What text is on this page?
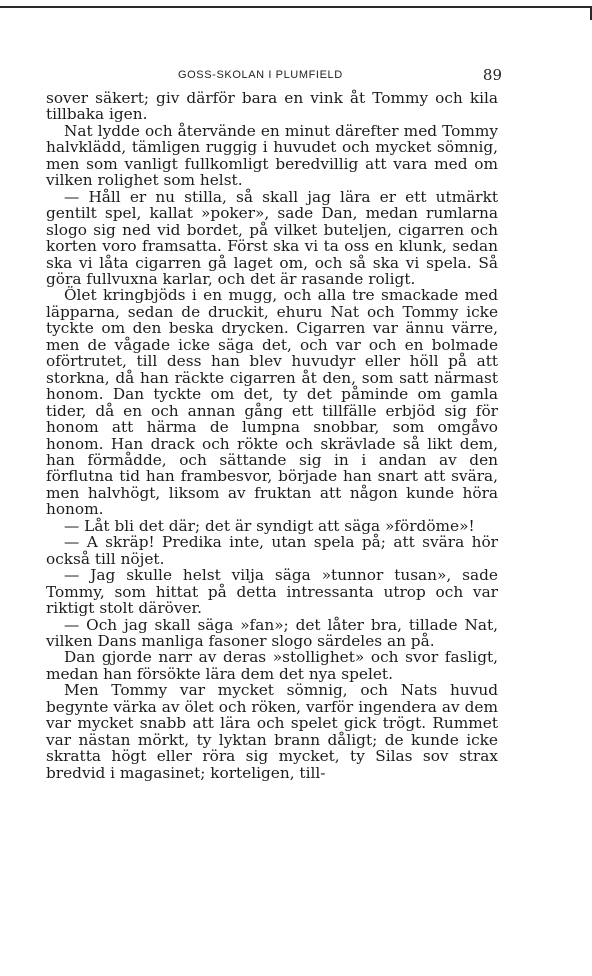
GOSS-SKOLAN I PLUMFIELD	89

sover säkert; giv därför bara en vink åt Tommy och kila tillbaka igen.

Nat lydde och återvände en minut därefter med Tommy halvklädd, tämligen ruggig i huvudet och mycket sömnig, men som vanligt fullkomligt beredvillig att vara med om vilken rolighet som helst.

— Håll er nu stilla, så skall jag lära er ett utmärkt gentilt spel, kallat »poker», sade Dan, medan rumlarna slogo sig ned vid bordet, på vilket buteljen, cigarren och korten voro framsatta. Först ska vi ta oss en klunk, sedan ska vi låta cigarren gå laget om, och så ska vi spela. Så göra fullvuxna karlar, och det är rasande roligt.

Ölet kringbjöds i en mugg, och alla tre smackade med läpparna, sedan de druckit, ehuru Nat och Tommy icke tyckte om den beska drycken. Cigarren var ännu värre, men de vågade icke säga det, och var och en bolmade oförtrutet, till dess han blev huvudyr eller höll på att storkna, då han räckte cigarren åt den, som satt närmast honom. Dan tyckte om det, ty det påminde om gamla tider, då en och annan gång ett tillfälle erbjöd sig för honom att härma de lumpna snobbar, som omgåvo honom. Han drack och rökte och skrävlade så likt dem, han förmådde, och sättande sig in i andan av den förflutna tid han frambesvor, började han snart att svära, men halvhögt, liksom av fruktan att någon kunde höra honom.

— Låt bli det där; det är syndigt att säga »fördöme»!

— A skräp! Predika inte, utan spela på; att svära hör också till nöjet.

— Jag skulle helst vilja säga »tunnor tusan», sade Tommy, som hittat på detta intressanta utrop och var riktigt stolt däröver.

— Och jag skall säga »fan»; det låter bra, tillade Nat, vilken Dans manliga fasoner slogo särdeles an på.

Dan gjorde narr av deras »stollighet» och svor fasligt, medan han försökte lära dem det nya spelet.

Men Tommy var mycket sömnig, och Nats huvud begynte värka av ölet och röken, varför ingendera av dem var mycket snabb att lära och spelet gick trögt. Rummet var nästan mörkt, ty lyktan brann dåligt; de kunde icke skratta högt eller röra sig mycket, ty Silas sov strax bredvid i magasinet; korteligen, till-
